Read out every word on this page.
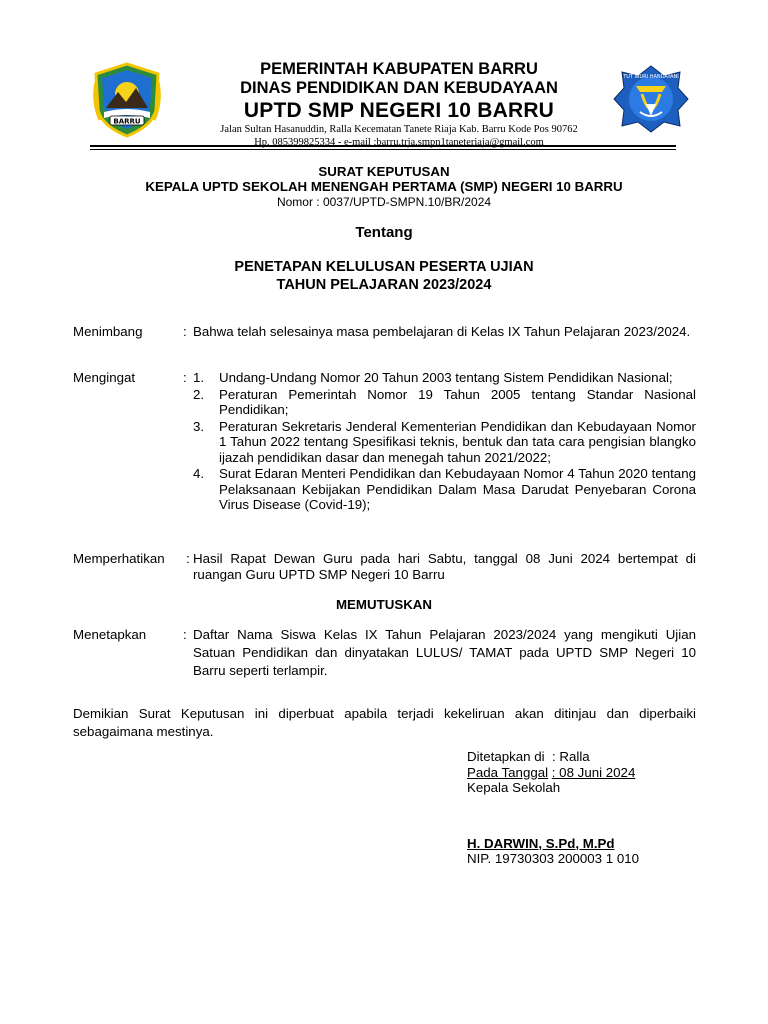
BARRU
PEMERINTAH KABUPATEN BARRU
DINAS PENDIDIKAN DAN KEBUDAYAAN
UPTD SMP NEGERI 10 BARRU
Jalan Sultan Hasanuddin, Ralla Kecematan Tanete Riaja Kab. Barru Kode Pos 90762
Hp. 085399825334 - e-mail :barru.trja.smpn1taneteriaja@gmail.com
TUT WURI HANDAYANI
SURAT KEPUTUSAN
KEPALA UPTD SEKOLAH MENENGAH PERTAMA (SMP) NEGERI 10 BARRU
Nomor : 0037/UPTD-SMPN.10/BR/2024
Tentang
PENETAPAN KELULUSAN PESERTA UJIAN
TAHUN PELAJARAN 2023/2024
Menimbang	: Bahwa telah selesainya masa pembelajaran di Kelas IX Tahun Pelajaran 2023/2024.
Mengingat	: 1. Undang-Undang Nomor 20 Tahun 2003 tentang Sistem Pendidikan Nasional;
2. Peraturan Pemerintah Nomor 19 Tahun 2005 tentang Standar Nasional Pendidikan;
3. Peraturan Sekretaris Jenderal Kementerian Pendidikan dan Kebudayaan Nomor 1 Tahun 2022 tentang Spesifikasi teknis, bentuk dan tata cara pengisian blangko ijazah pendidikan dasar dan menegah tahun 2021/2022;
4. Surat Edaran Menteri Pendidikan dan Kebudayaan Nomor 4 Tahun 2020 tentang Pelaksanaan Kebijakan Pendidikan Dalam Masa Darudat Penyebaran Corona Virus Disease (Covid-19);
Memperhatikan : Hasil Rapat Dewan Guru pada hari Sabtu, tanggal 08 Juni 2024 bertempat di ruangan Guru UPTD SMP Negeri 10 Barru
MEMUTUSKAN
Menetapkan	: Daftar Nama Siswa Kelas IX Tahun Pelajaran 2023/2024 yang mengikuti Ujian Satuan Pendidikan dan dinyatakan LULUS/ TAMAT pada UPTD SMP Negeri 10 Barru seperti terlampir.
Demikian Surat Keputusan ini diperbuat apabila terjadi kekeliruan akan ditinjau dan diperbaiki sebagaimana mestinya.
Ditetapkan di : Ralla
Pada Tanggal : 08 Juni 2024
Kepala Sekolah
H. DARWIN, S.Pd, M.Pd
NIP. 19730303 200003 1 010
